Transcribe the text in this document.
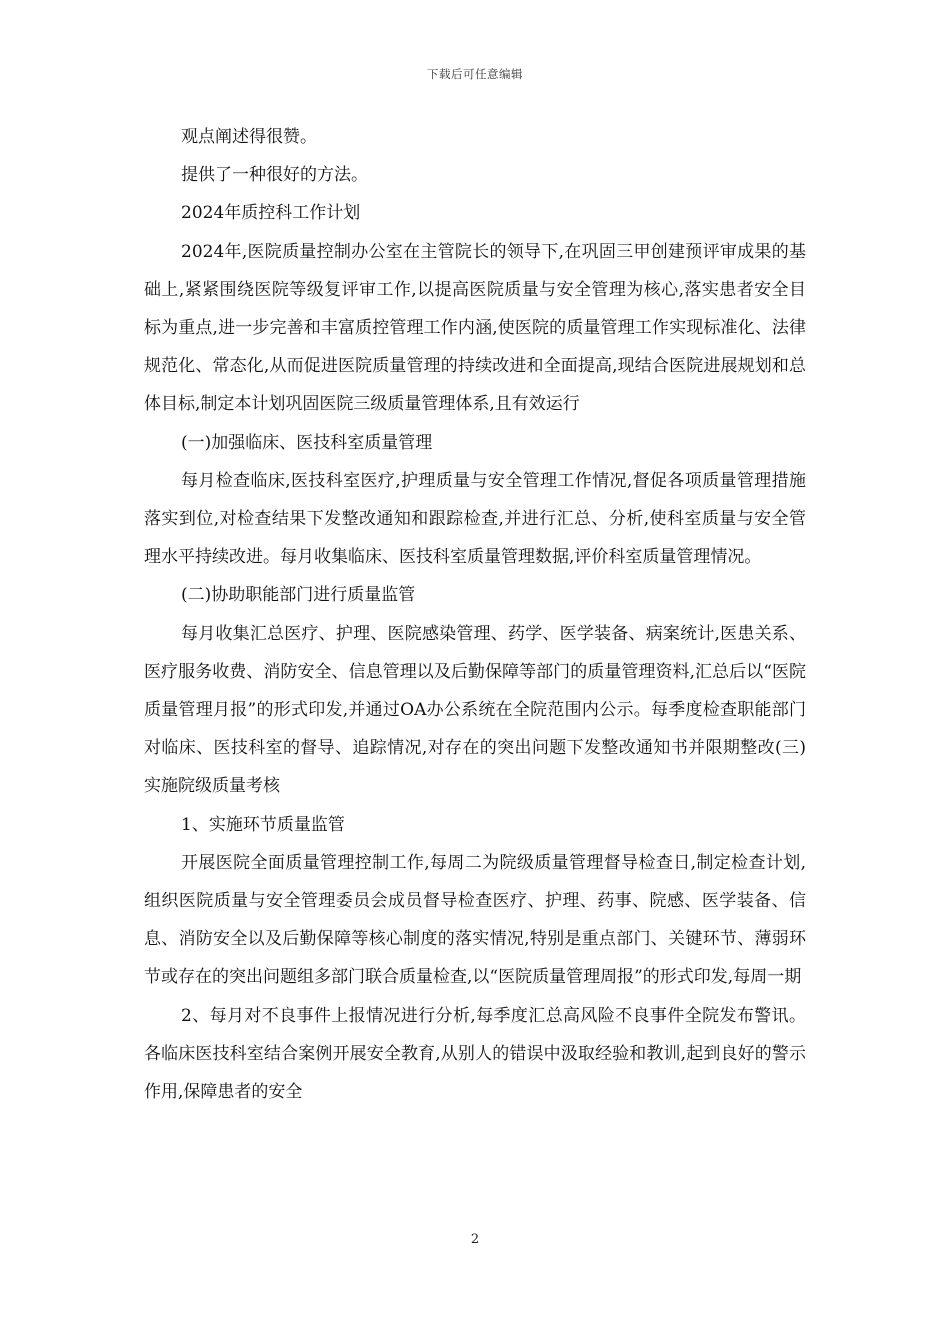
下载后可任意编辑

观点阐述得很赞。

提供了一种很好的方法。

2024年质控科工作计划

2024年,医院质量控制办公室在主管院长的领导下,在巩固三甲创建预评审成果的基础上,紧紧围绕医院等级复评审工作,以提高医院质量与安全管理为核心,落实患者安全目标为重点,进一步完善和丰富质控管理工作内涵,使医院的质量管理工作实现标准化、法律规范化、常态化,从而促进医院质量管理的持续改进和全面提高,现结合医院进展规划和总体目标,制定本计划巩固医院三级质量管理体系,且有效运行

(一)加强临床、医技科室质量管理

每月检查临床,医技科室医疗,护理质量与安全管理工作情况,督促各项质量管理措施落实到位,对检查结果下发整改通知和跟踪检查,并进行汇总、分析,使科室质量与安全管理水平持续改进。每月收集临床、医技科室质量管理数据,评价科室质量管理情况。

(二)协助职能部门进行质量监管

每月收集汇总医疗、护理、医院感染管理、药学、医学装备、病案统计,医患关系、医疗服务收费、消防安全、信息管理以及后勤保障等部门的质量管理资料,汇总后以“医院质量管理月报”的形式印发,并通过OA办公系统在全院范围内公示。每季度检查职能部门对临床、医技科室的督导、追踪情况,对存在的突出问题下发整改通知书并限期整改(三)实施院级质量考核

1、实施环节质量监管

开展医院全面质量管理控制工作,每周二为院级质量管理督导检查日,制定检查计划,组织医院质量与安全管理委员会成员督导检查医疗、护理、药事、院感、医学装备、信息、消防安全以及后勤保障等核心制度的落实情况,特别是重点部门、关键环节、薄弱环节或存在的突出问题组多部门联合质量检查,以“医院质量管理周报”的形式印发,每周一期

2、每月对不良事件上报情况进行分析,每季度汇总高风险不良事件全院发布警讯。各临床医技科室结合案例开展安全教育,从别人的错误中汲取经验和教训,起到良好的警示作用,保障患者的安全

2
